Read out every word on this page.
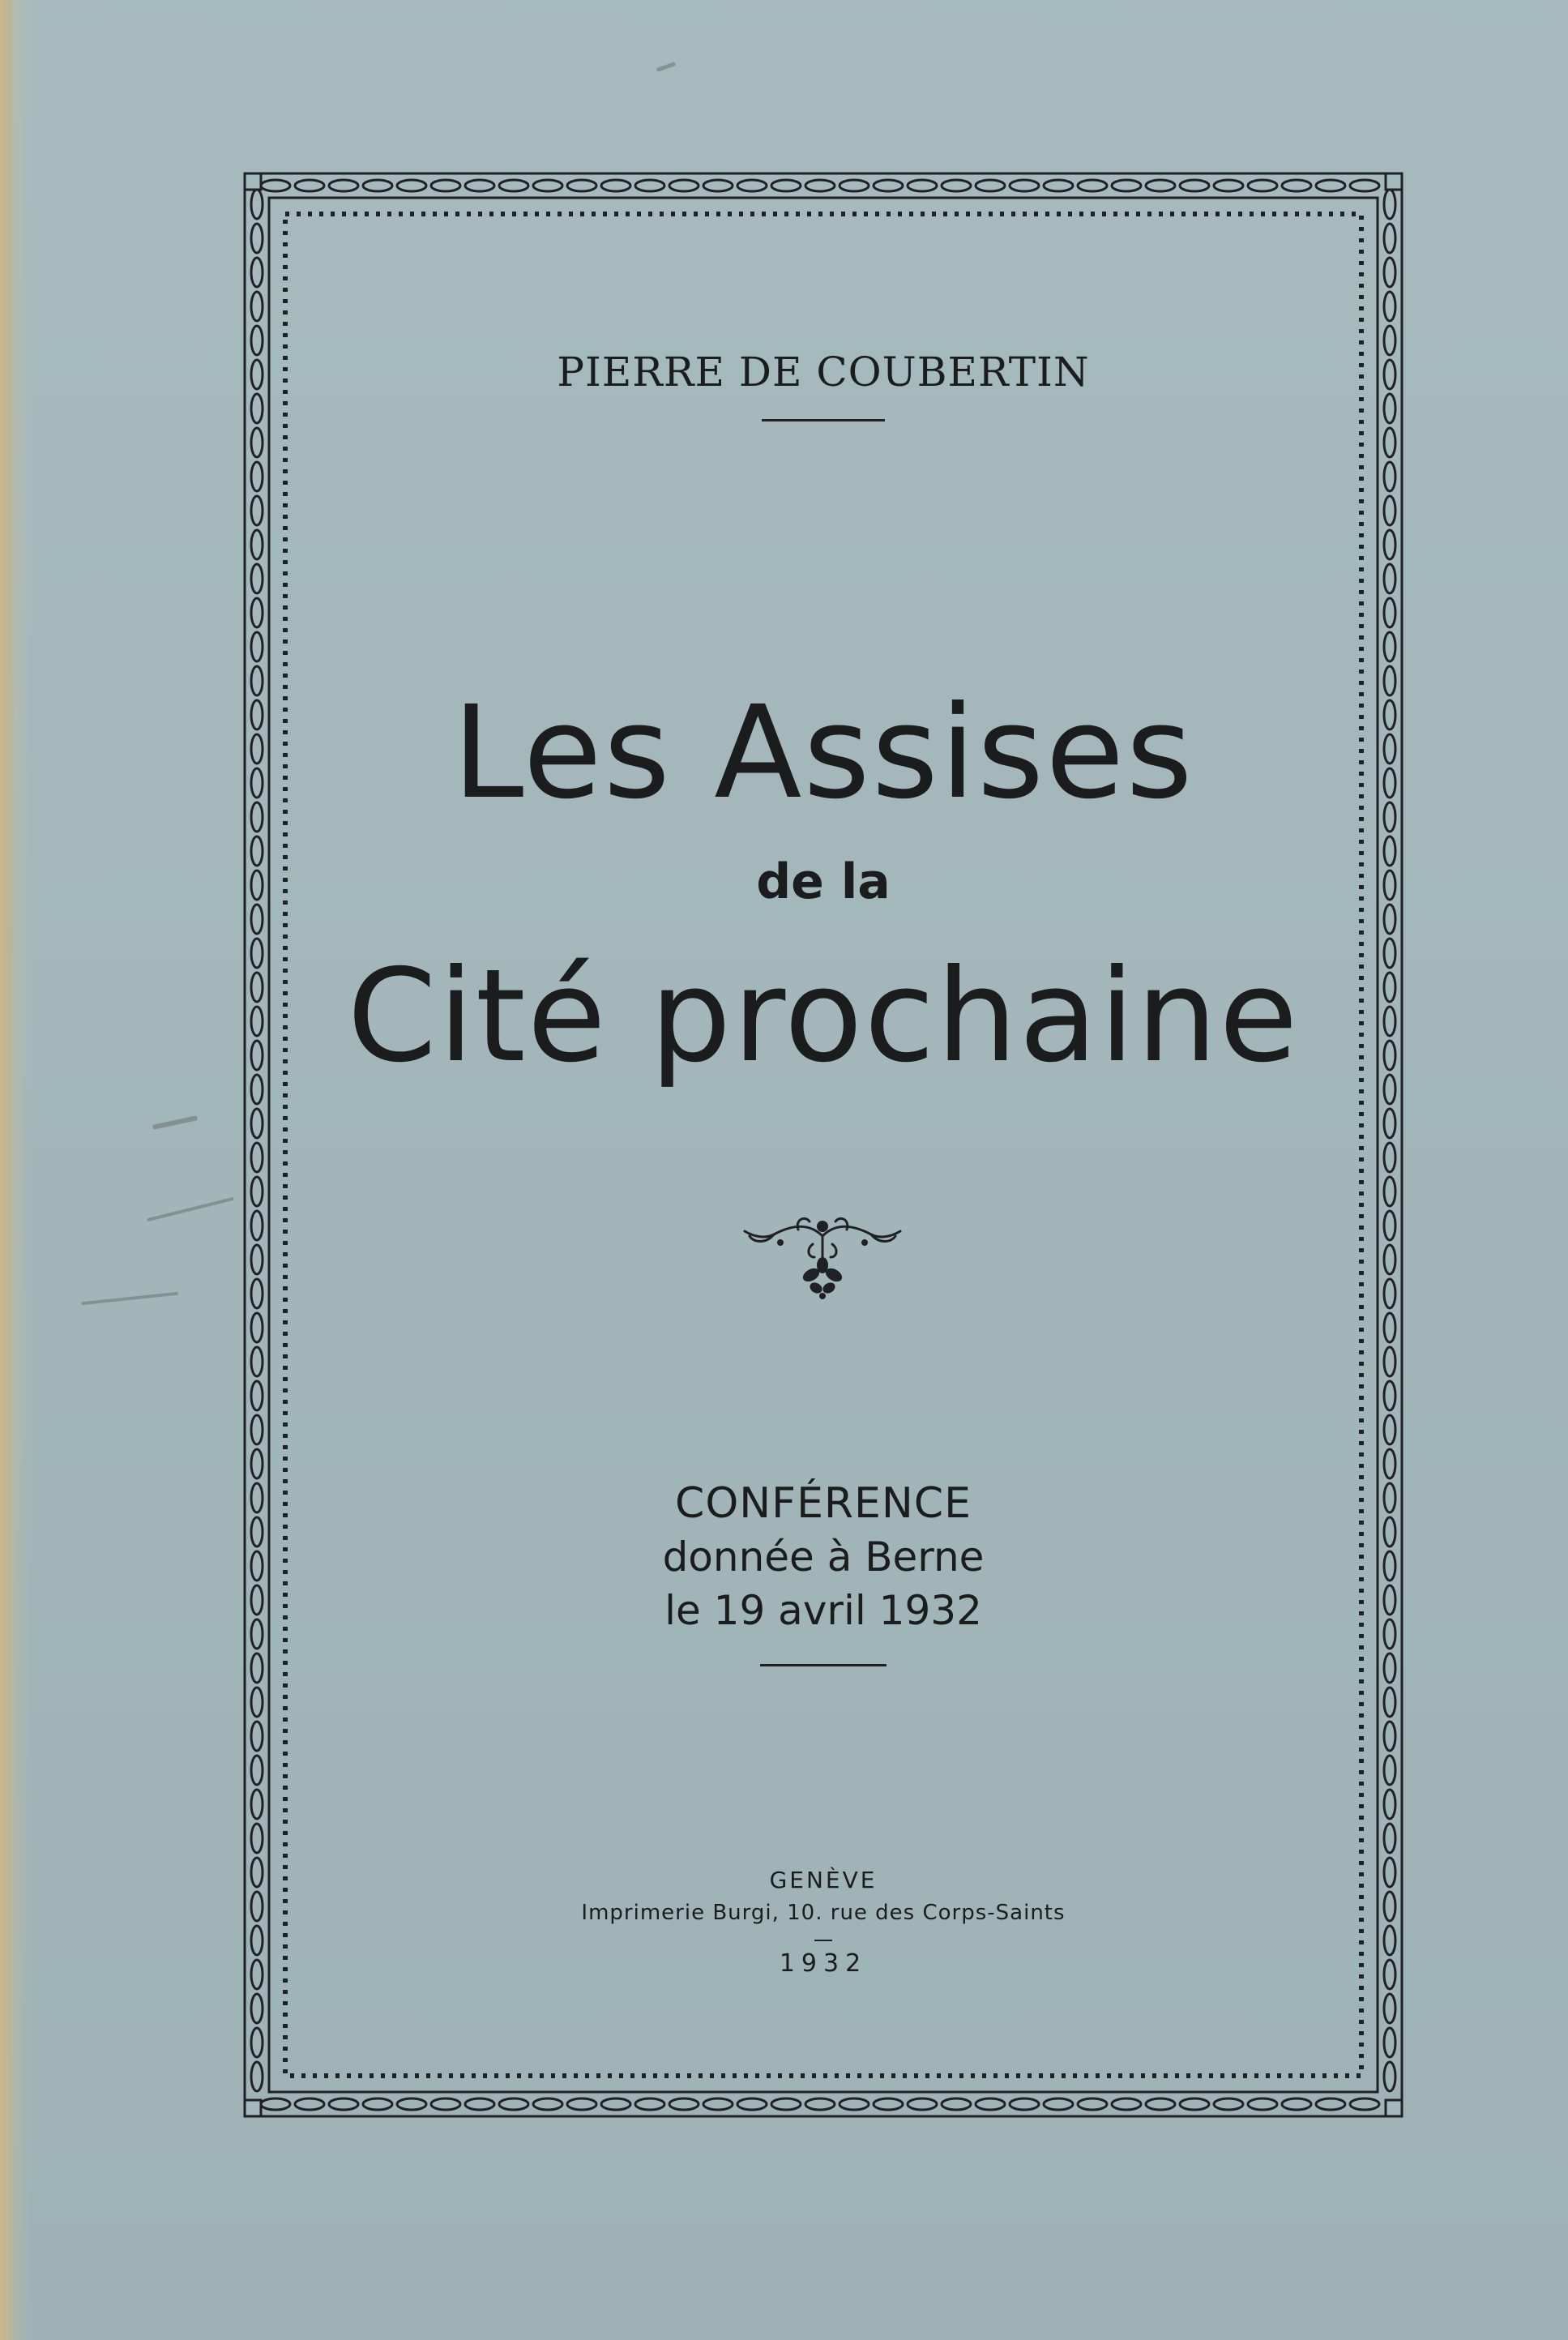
PIERRE DE COUBERTIN
Les Assises
de la
Cité prochaine
CONFÉRENCE
donnée à Berne
le 19 avril 1932
GENÈVE
Imprimerie Burgi, 10. rue des Corps-Saints
1932
